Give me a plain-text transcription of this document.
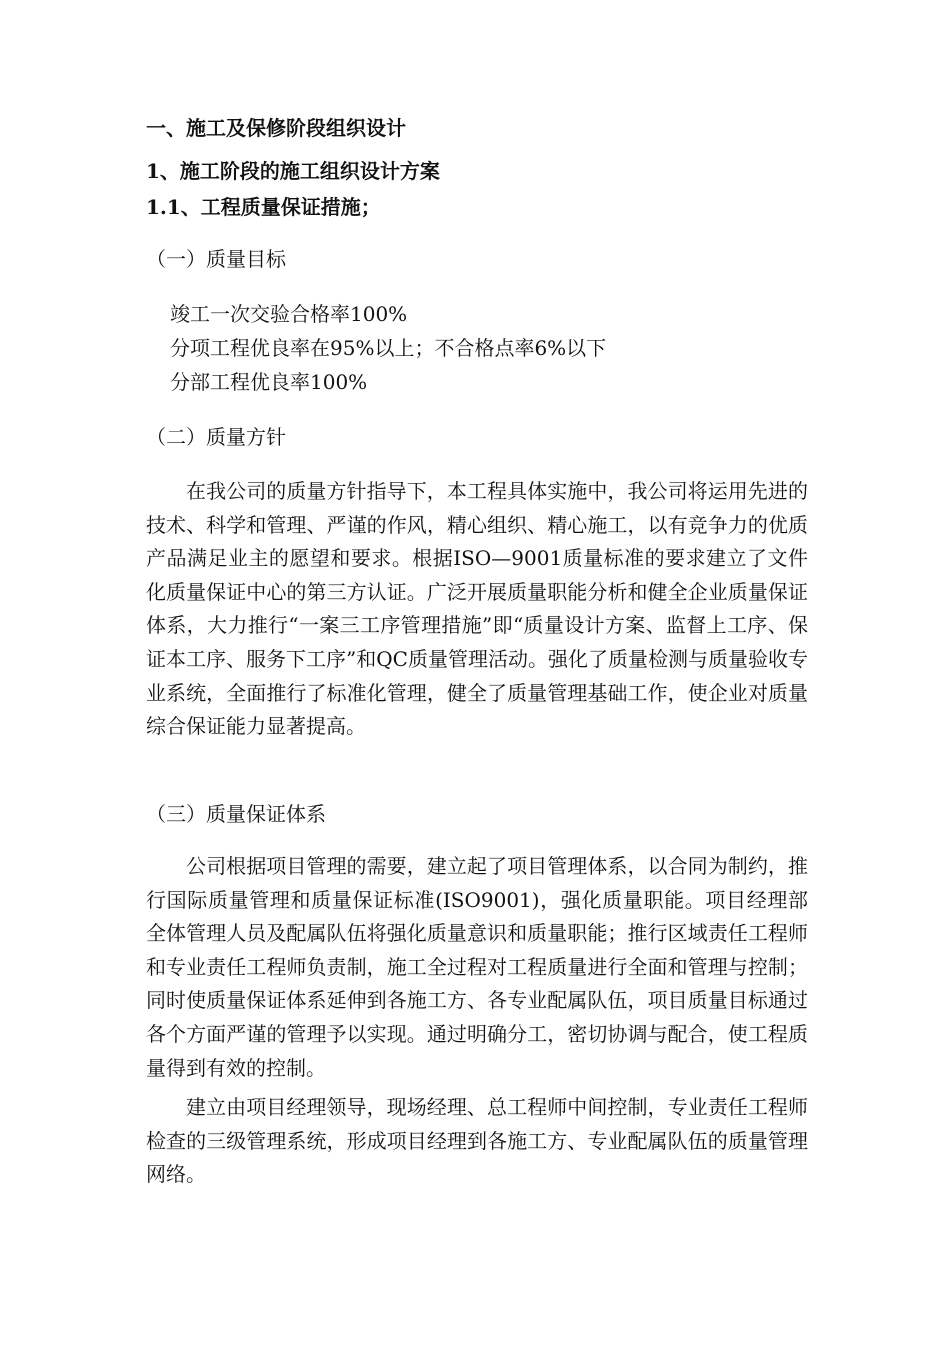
一、施工及保修阶段组织设计
1、施工阶段的施工组织设计方案
1.1、工程质量保证措施；
（一）质量目标
竣工一次交验合格率100%
分项工程优良率在95%以上；不合格点率6%以下
分部工程优良率100%
（二）质量方针
在我公司的质量方针指导下，本工程具体实施中，我公司将运用先进的技术、科学和管理、严谨的作风，精心组织、精心施工，以有竞争力的优质产品满足业主的愿望和要求。根据ISO—9001质量标准的要求建立了文件化质量保证中心的第三方认证。广泛开展质量职能分析和健全企业质量保证体系，大力推行“一案三工序管理措施”即“质量设计方案、监督上工序、保证本工序、服务下工序”和QC质量管理活动。强化了质量检测与质量验收专业系统，全面推行了标准化管理，健全了质量管理基础工作，使企业对质量综合保证能力显著提高。
（三）质量保证体系
公司根据项目管理的需要，建立起了项目管理体系，以合同为制约，推行国际质量管理和质量保证标准(ISO9001)，强化质量职能。项目经理部全体管理人员及配属队伍将强化质量意识和质量职能；推行区域责任工程师和专业责任工程师负责制，施工全过程对工程质量进行全面和管理与控制；同时使质量保证体系延伸到各施工方、各专业配属队伍，项目质量目标通过各个方面严谨的管理予以实现。通过明确分工，密切协调与配合，使工程质量得到有效的控制。
建立由项目经理领导，现场经理、总工程师中间控制，专业责任工程师检查的三级管理系统，形成项目经理到各施工方、专业配属队伍的质量管理网络。
